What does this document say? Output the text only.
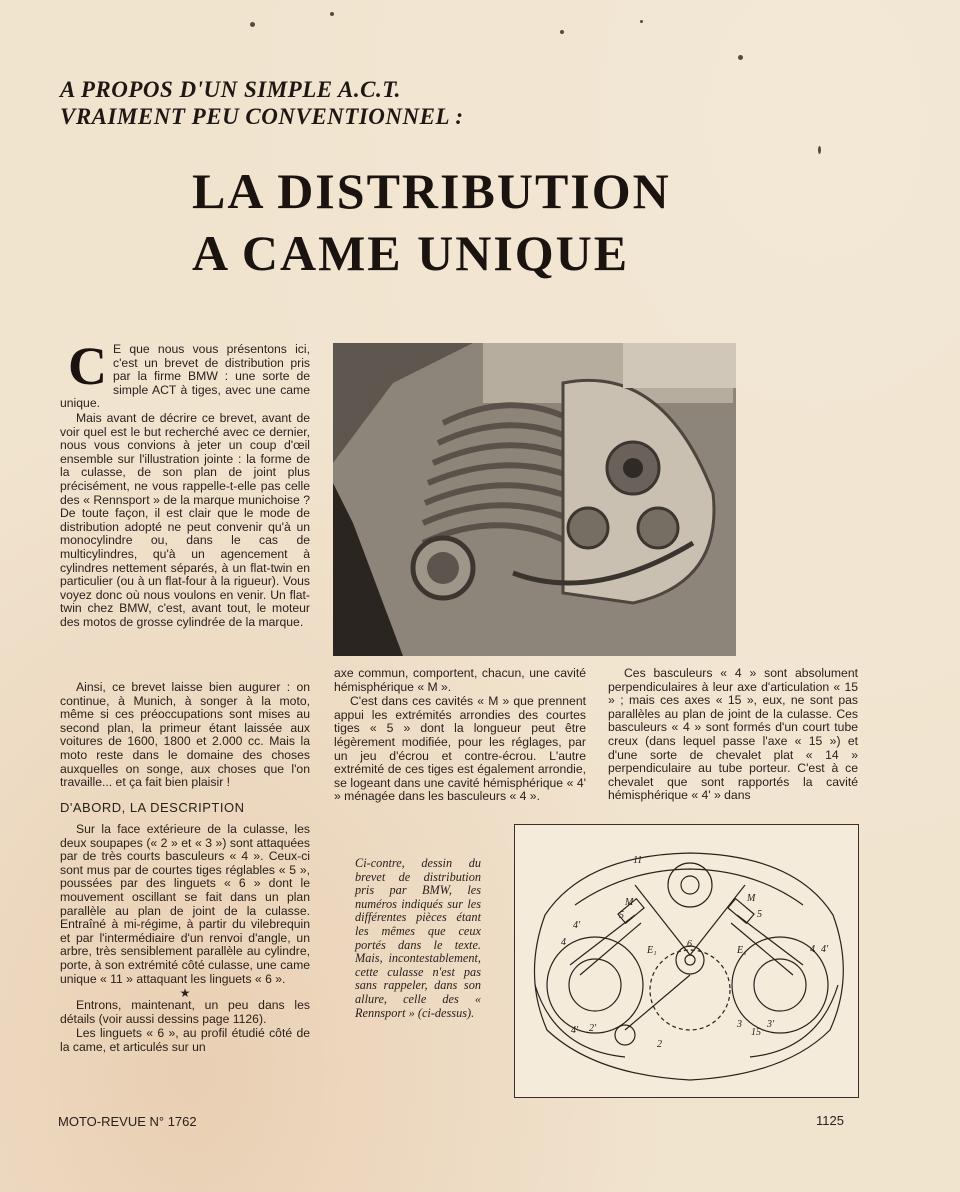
A PROPOS D'UN SIMPLE A.C.T.
VRAIMENT PEU CONVENTIONNEL :
LA DISTRIBUTION
A CAME UNIQUE

C E que nous vous présentons ici, c'est un brevet de distribution pris par la firme BMW : une sorte de simple ACT à tiges, avec une came unique.

Mais avant de décrire ce brevet, avant de voir quel est le but recherché avec ce dernier, nous vous convions à jeter un coup d'œil ensemble sur l'illustration jointe : la forme de la culasse, de son plan de joint plus précisément, ne vous rappelle-t-elle pas celle des « Rennsport » de la marque munichoise ? De toute façon, il est clair que le mode de distribution adopté ne peut convenir qu'à un monocylindre ou, dans le cas de multicylindres, qu'à un agencement à cylindres nettement séparés, à un flat-twin en particulier (ou à un flat-four à la rigueur). Vous voyez donc où nous voulons en venir. Un flat-twin chez BMW, c'est, avant tout, le moteur des motos de grosse cylindrée de la marque.

Ainsi, ce brevet laisse bien augurer : on continue, à Munich, à songer à la moto, même si ces préoccupations sont mises au second plan, la primeur étant laissée aux voitures de 1600, 1800 et 2.000 cc. Mais la moto reste dans le domaine des choses auxquelles on songe, aux choses que l'on travaille... et ça fait bien plaisir !

D'ABORD, LA DESCRIPTION

Sur la face extérieure de la culasse, les deux soupapes (« 2 » et « 3 ») sont attaquées par de très courts basculeurs « 4 ». Ceux-ci sont mus par de courtes tiges réglables « 5 », poussées par des linguets « 6 » dont le mouvement oscillant se fait dans un plan parallèle au plan de joint de la culasse. Entraîné à mi-régime, à partir du vilebrequin et par l'intermédiaire d'un renvoi d'angle, un arbre, très sensiblement parallèle au cylindre, porte, à son extrémité côté culasse, une came unique « 11 » attaquant les linguets « 6 ».

★

Entrons, maintenant, un peu dans les détails (voir aussi dessins page 1126).

Les linguets « 6 », au profil étudié côté de la came, et articulés sur un

axe commun, comportent, chacun, une cavité hémisphérique « M ».

C'est dans ces cavités « M » que prennent appui les extrémités arrondies des courtes tiges « 5 » dont la longueur peut être légèrement modifiée, pour les réglages, par un jeu d'écrou et contre-écrou. L'autre extrémité de ces tiges est également arrondie, se logeant dans une cavité hémisphérique « 4' » ménagée dans les basculeurs « 4 ».

Ces basculeurs « 4 » sont absolument perpendiculaires à leur axe d'articulation « 15 » ; mais ces axes « 15 », eux, ne sont pas parallèles au plan de joint de la culasse. Ces basculeurs « 4 » sont formés d'un court tube creux (dans lequel passe l'axe « 15 ») et d'une sorte de chevalet plat « 14 » perpendiculaire au tube porteur. C'est à ce chevalet que sont rapportés la cavité hémisphérique « 4' » dans

Ci-contre, dessin du brevet de distribution pris par BMW, les numéros indiqués sur les différentes pièces étant les mêmes que ceux portés dans le texte. Mais, incontestablement, cette culasse n'est pas sans rappeler, dans son allure, celle des « Rennsport » (ci-dessus).
11
M	M
5	5
4'
4
4 4'
6
E₁	E₁
4' 2'
2
3	3'
15
MOTO-REVUE N° 1762	1125
